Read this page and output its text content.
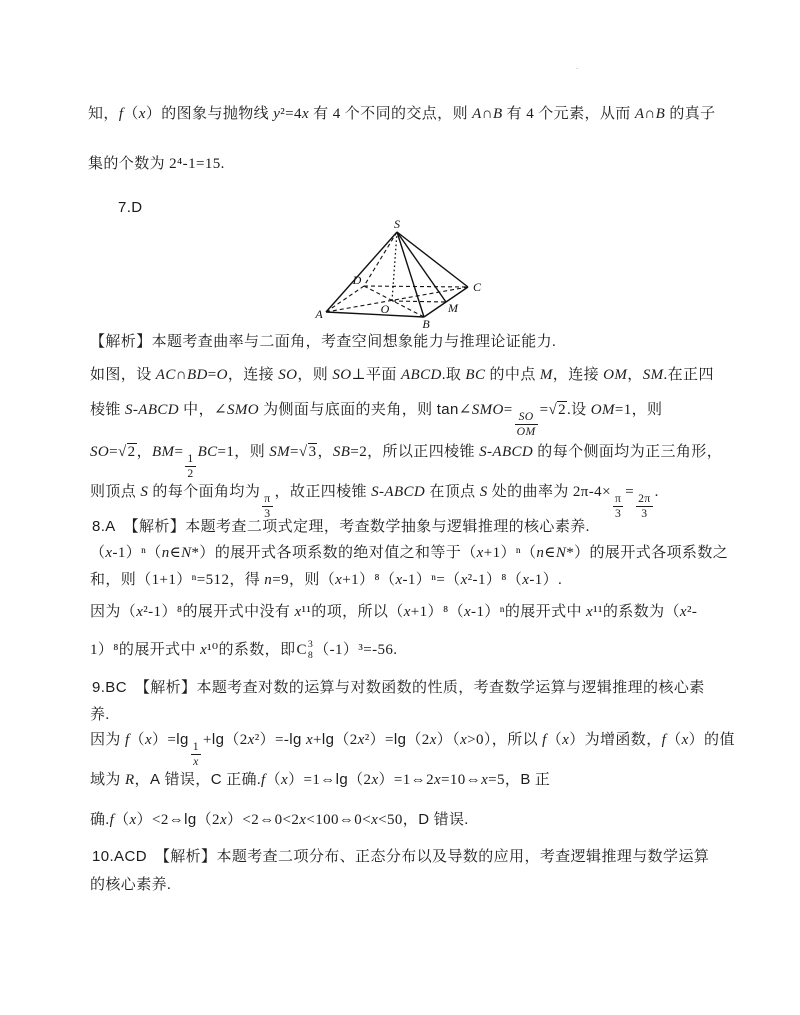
.
知，f（x）的图象与抛物线 y²=4x 有 4 个不同的交点，则 A∩B 有 4 个元素，从而 A∩B 的真子
集的个数为 2⁴-1=15.
7.D
S
A
B
C
D
O	M
【解析】本题考查曲率与二面角，考查空间想象能力与推理论证能力.
如图，设 AC∩BD=O，连接 SO，则 SO⊥平面 ABCD.取 BC 的中点 M，连接 OM，SM.在正四
棱锥 S-ABCD 中，∠SMO 为侧面与底面的夹角，则 tan∠SMO=
$\frac{SO}{OM}$
=√2.设 OM=1，则
SO=√2，BM=
$\frac{1}{2}$
BC=1，则 SM=√3，SB=2，所以正四棱锥 S-ABCD 的每个侧面均为正三角形，
则顶点 S 的每个面角均为
$\frac{\pi}{3}$
，故正四棱锥 S-ABCD 在顶点 S 处的曲率为 2π-4×
$\frac{\pi}{3}$
=
$\frac{2\pi}{3}$
.
8.A　【解析】本题考查二项式定理，考查数学抽象与逻辑推理的核心素养.
（x-1）ⁿ（n∈N*）的展开式各项系数的绝对值之和等于（x+1）ⁿ（n∈N*）的展开式各项系数之
和，则（1+1）ⁿ=512，得 n=9，则（x+1）⁸（x-1）ⁿ=（x²-1）⁸（x-1）.
因为（x²-1）⁸的展开式中没有 x¹¹的项，所以（x+1）⁸（x-1）ⁿ的展开式中 x¹¹的系数为（x²-
1）⁸的展开式中 x¹⁰的系数，即 C 3
8 （-1）³=-56.
9.BC　【解析】本题考查对数的运算与对数函数的性质，考查数学运算与逻辑推理的核心素
养.
因为 f（x）=lg
$\frac{1}{x}$
+lg（2x²）=-lg x+lg（2x²）=lg（2x）（x>0），所以 f（x）为增函数，f（x）的值
域为 R，A 错误，C 正确.f（x）=1⇔lg（2x）=1⇔2x=10⇔x=5，B 正
确.f（x）<2⇔lg（2x）<2⇔0<2x<100⇔0<x<50，D 错误.
10.ACD　【解析】本题考查二项分布、正态分布以及导数的应用，考查逻辑推理与数学运算
的核心素养.
